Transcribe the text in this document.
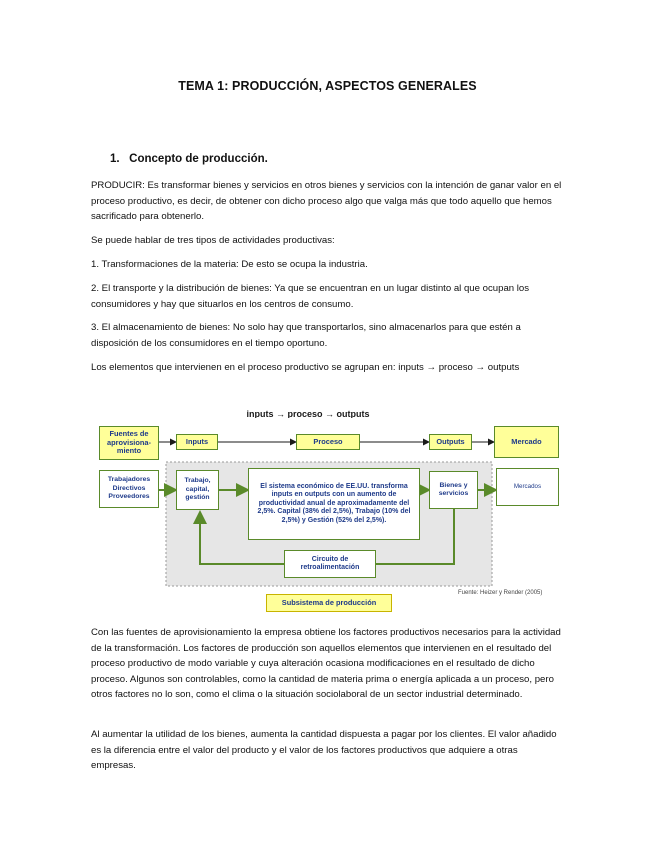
TEMA 1: PRODUCCIÓN, ASPECTOS GENERALES
1.   Concepto de producción.
PRODUCIR: Es transformar bienes y servicios en otros bienes y servicios con la intención de ganar valor en el proceso productivo, es decir, de obtener con dicho proceso algo que valga más que todo aquello que hemos sacrificado para obtenerlo.
Se puede hablar de tres tipos de actividades productivas:
1. Transformaciones de la materia: De esto se ocupa la industria.
2. El transporte y la distribución de bienes: Ya que se encuentran en un lugar distinto al que ocupan los consumidores y hay que situarlos en los centros de consumo.
3. El almacenamiento de bienes: No solo hay que transportarlos, sino almacenarlos para que estén a disposición de los consumidores en el tiempo oportuno.
Los elementos que intervienen en el proceso productivo se agrupan en: inputs → proceso → outputs
inputs → proceso → outputs
Fuentes de aprovisiona-miento
Inputs	Proceso	Outputs	Mercado
Trabajadores Directivos Proveedores
Trabajo, capital, gestión
El sistema económico de EE.UU. transforma inputs en outputs con un aumento de productividad anual de aproximadamente del 2,5%. Capital (38% del 2,5%), Trabajo (10% del 2,5%) y Gestión (52% del 2,5%).
Bienes y servicios
Mercados
Circuito de retroalimentación
Subsistema de producción
Fuente: Heizer y Render (2005)
Con las fuentes de aprovisionamiento la empresa obtiene los factores productivos necesarios para la actividad de la transformación. Los factores de producción son aquellos elementos que intervienen en el resultado del proceso productivo de modo variable y cuya alteración ocasiona modificaciones en el resultado de dicho proceso. Algunos son controlables, como la cantidad de materia prima o energía aplicada a un proceso, pero otros factores no lo son, como el clima o la situación sociolaboral de un sector industrial determinado.
Al aumentar la utilidad de los bienes, aumenta la cantidad dispuesta a pagar por los clientes. El valor añadido es la diferencia entre el valor del producto y el valor de los factores productivos que adquiere a otras empresas.
